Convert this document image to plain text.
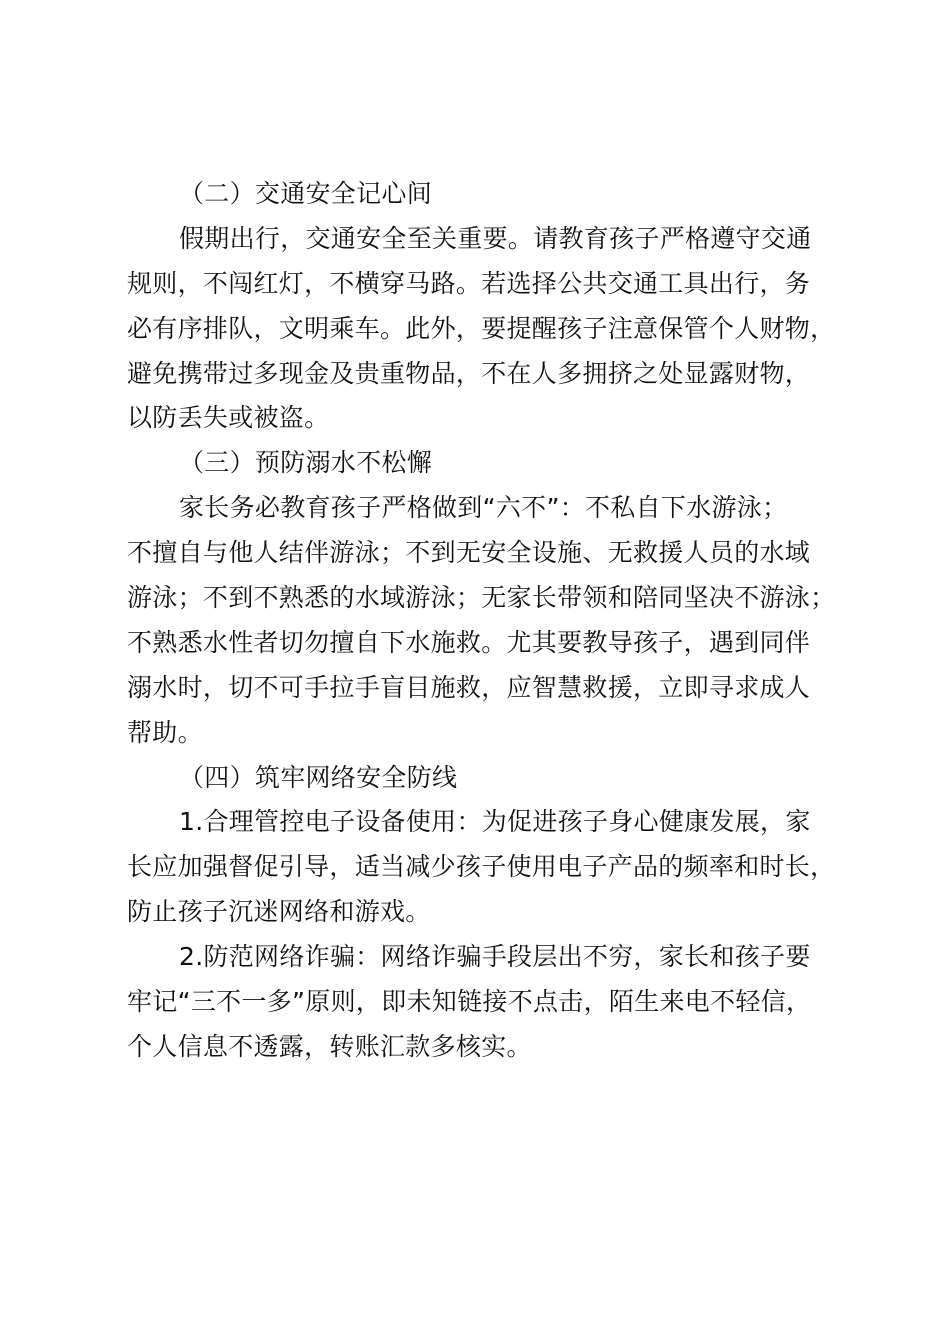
（二）交通安全记心间
假期出行，交通安全至关重要。请教育孩子严格遵守交通
规则，不闯红灯，不横穿马路。若选择公共交通工具出行，务
必有序排队，文明乘车。此外，要提醒孩子注意保管个人财物，
避免携带过多现金及贵重物品，不在人多拥挤之处显露财物，
以防丢失或被盗。
（三）预防溺水不松懈
家长务必教育孩子严格做到“六不”：不私自下水游泳；
不擅自与他人结伴游泳；不到无安全设施、无救援人员的水域
游泳；不到不熟悉的水域游泳；无家长带领和陪同坚决不游泳；
不熟悉水性者切勿擅自下水施救。尤其要教导孩子，遇到同伴
溺水时，切不可手拉手盲目施救，应智慧救援，立即寻求成人
帮助。
（四）筑牢网络安全防线
1.合理管控电子设备使用：为促进孩子身心健康发展，家
长应加强督促引导，适当减少孩子使用电子产品的频率和时长，
防止孩子沉迷网络和游戏。
2.防范网络诈骗：网络诈骗手段层出不穷，家长和孩子要
牢记“三不一多”原则，即未知链接不点击，陌生来电不轻信，
个人信息不透露，转账汇款多核实。
